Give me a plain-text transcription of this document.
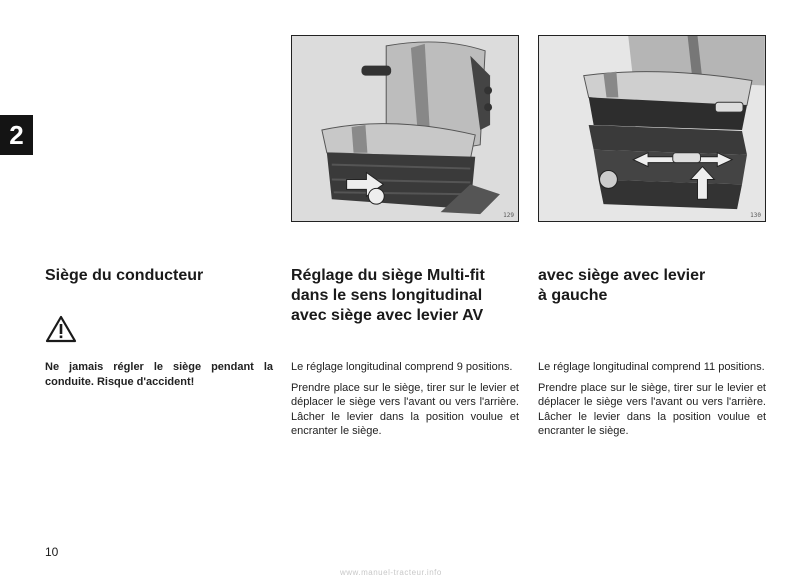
2
129	130
Siège du conducteur

Ne jamais régler le siège pendant la conduite. Risque d'accident!

Réglage du siège Multi-fit
dans le sens longitudinal
avec siège avec levier AV

Le réglage longitudinal comprend 9 positions.

Prendre place sur le siège, tirer sur le levier et déplacer le siège vers l'avant ou vers l'arrière. Lâcher le levier dans la position voulue et encranter le siège.

avec siège avec levier
à gauche

Le réglage longitudinal comprend 11 positions.

Prendre place sur le siège, tirer sur le levier et déplacer le siège vers l'avant ou vers l'arrière. Lâcher le levier dans la position voulue et encranter le siège.

10
www.manuel-tracteur.info
